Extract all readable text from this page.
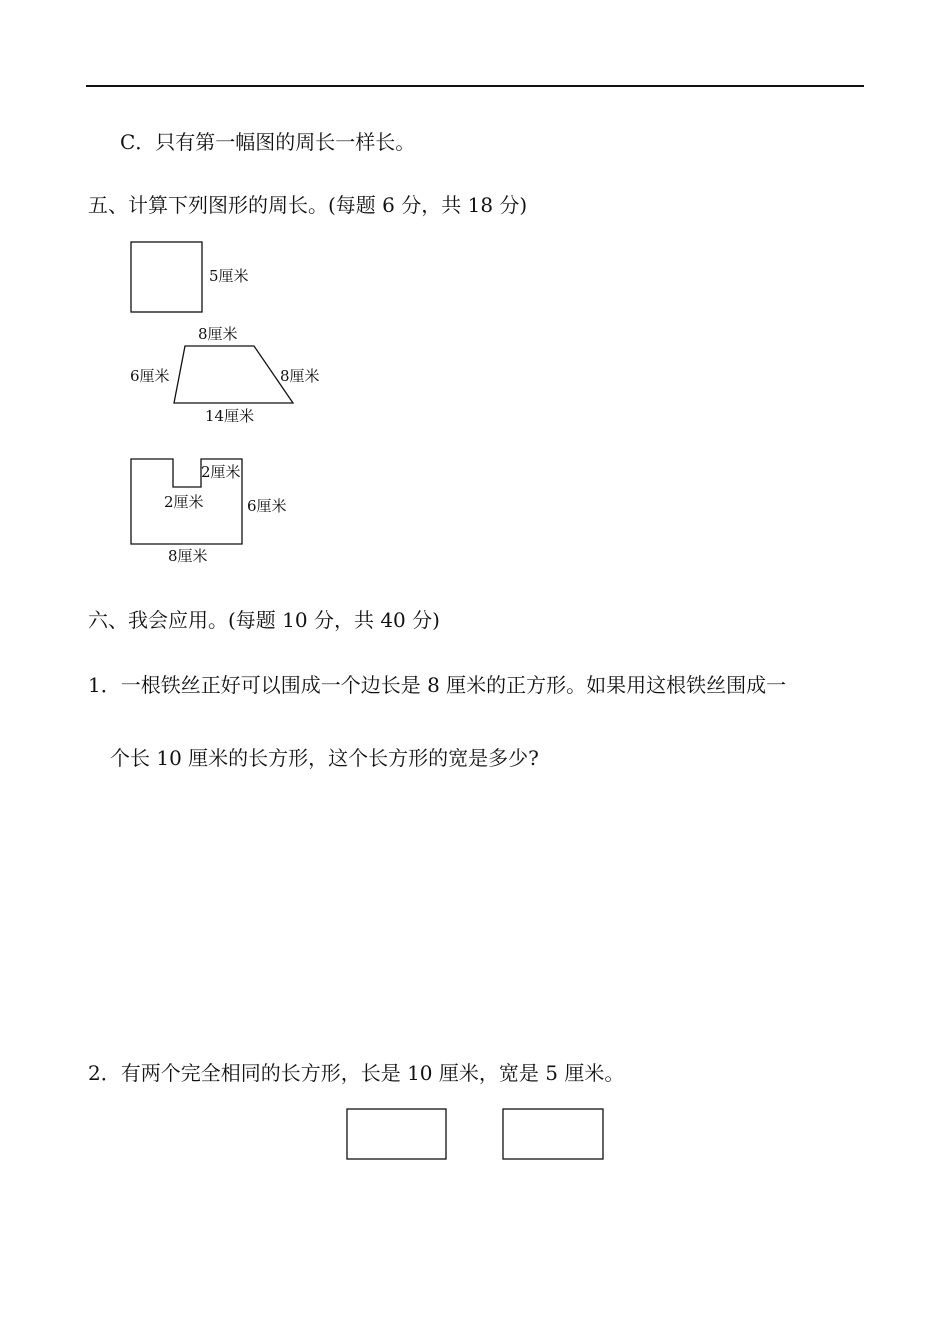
C．只有第一幅图的周长一样长。
五、计算下列图形的周长。(每题 6 分，共 18 分)
5厘米
8厘米
6厘米	8厘米
14厘米
2厘米
2厘米	6厘米
8厘米
六、我会应用。(每题 10 分，共 40 分)
1．一根铁丝正好可以围成一个边长是 8 厘米的正方形。如果用这根铁丝围成一
个长 10 厘米的长方形，这个长方形的宽是多少?
2．有两个完全相同的长方形，长是 10 厘米，宽是 5 厘米。
